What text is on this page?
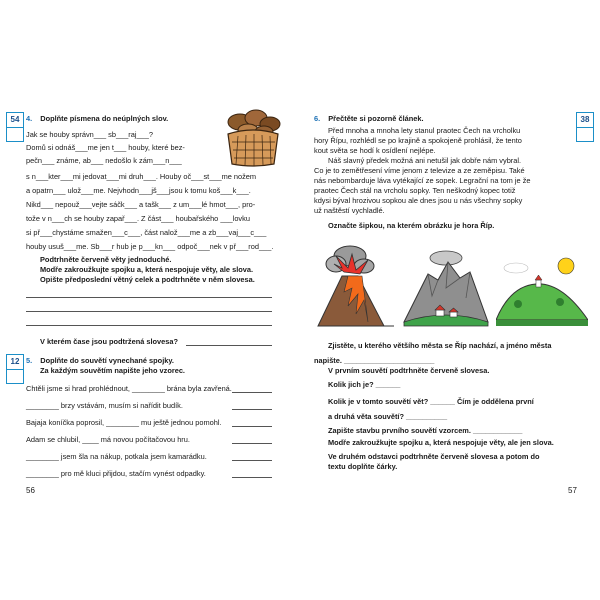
54 4. Doplňte písmena do neúplných slov.
Jak se houby správn___ sb___raj___?
Domů si odnáš___me jen t___ houby, které bez-
pečn___ známe, ab___ nedošlo k zám___n___
s n___kter___mi jedovat___mi druh___. Houby oč___st___me nožem
a opatrn___ ulož___me. Nejvhodn___jš___jsou k tomu koš___k___.
Nikd___ nepouž___vejte sáčk___ a tašk___ z um___lé hmot___, pro-
tože v n___ch se houby zapař___. Z část___ houbařského ___lovku
si př___chystáme smažen___c___, část nalož___me a zb___vaj___c___
houby usuš___me. Sb___r hub je p___kn___ odpoč___nek v př___rod___.
Podtrhněte červeně věty jednoduché.
Modře zakroužkujte spojku a, která nespojuje věty, ale slova.
Opište předposlední větný celek a podtrhněte v něm slovesa.
V kterém čase jsou podtržená slovesa?
12 5. Doplňte do souvětí vynechané spojky.
Za každým souvětím napište jeho vzorec.
Chtěli jsme si hrad prohlédnout, ________ brána byla zavřená.
________ brzy vstávám, musím si nařídit budík.
Bajaja koníčka poprosil, ________ mu ještě jednou pomohl.
Adam se chlubil, ____ má novou počítačovou hru.
________ jsem šla na nákup, potkala jsem kamarádku.
________ pro mě kluci přijdou, stačím vynést odpadky.
56
38
6. Přečtěte si pozorně článek.
Před mnoha a mnoha lety stanul praotec Čech na vrcholku
hory Řípu, rozhlédl se po krajině a spokojeně prohlásil, že tento
kout světa se hodí k osídlení nejlépe.
Náš slavný předek možná ani netušil jak dobře nám vybral.
Co je to zemětřesení víme jenom z televize a ze zeměpisu. Také
nás nebombarduje láva vytékající ze sopek. Legrační na tom je že
praotec Čech stál na vrcholu sopky. Ten neškodný kopec totiž
kdysi býval hrozivou sopkou ale dnes jsou u nás všechny sopky
už naštěstí vychladlé.
Označte šipkou, na kterém obrázku je hora Říp.
Zjistěte, u kterého většího města se Říp nachází, a jméno města
napište. ______________________
V prvním souvětí podtrhněte červeně slovesa.
Kolik jich je? ______
Kolik je v tomto souvětí vět? ______ Čím je oddělena první
a druhá věta souvětí? __________
Zapište stavbu prvního souvětí vzorcem. ____________
Modře zakroužkujte spojku a, která nespojuje věty, ale jen slova.
Ve druhém odstavci podtrhněte červeně slovesa a potom do
textu doplňte čárky.
57
